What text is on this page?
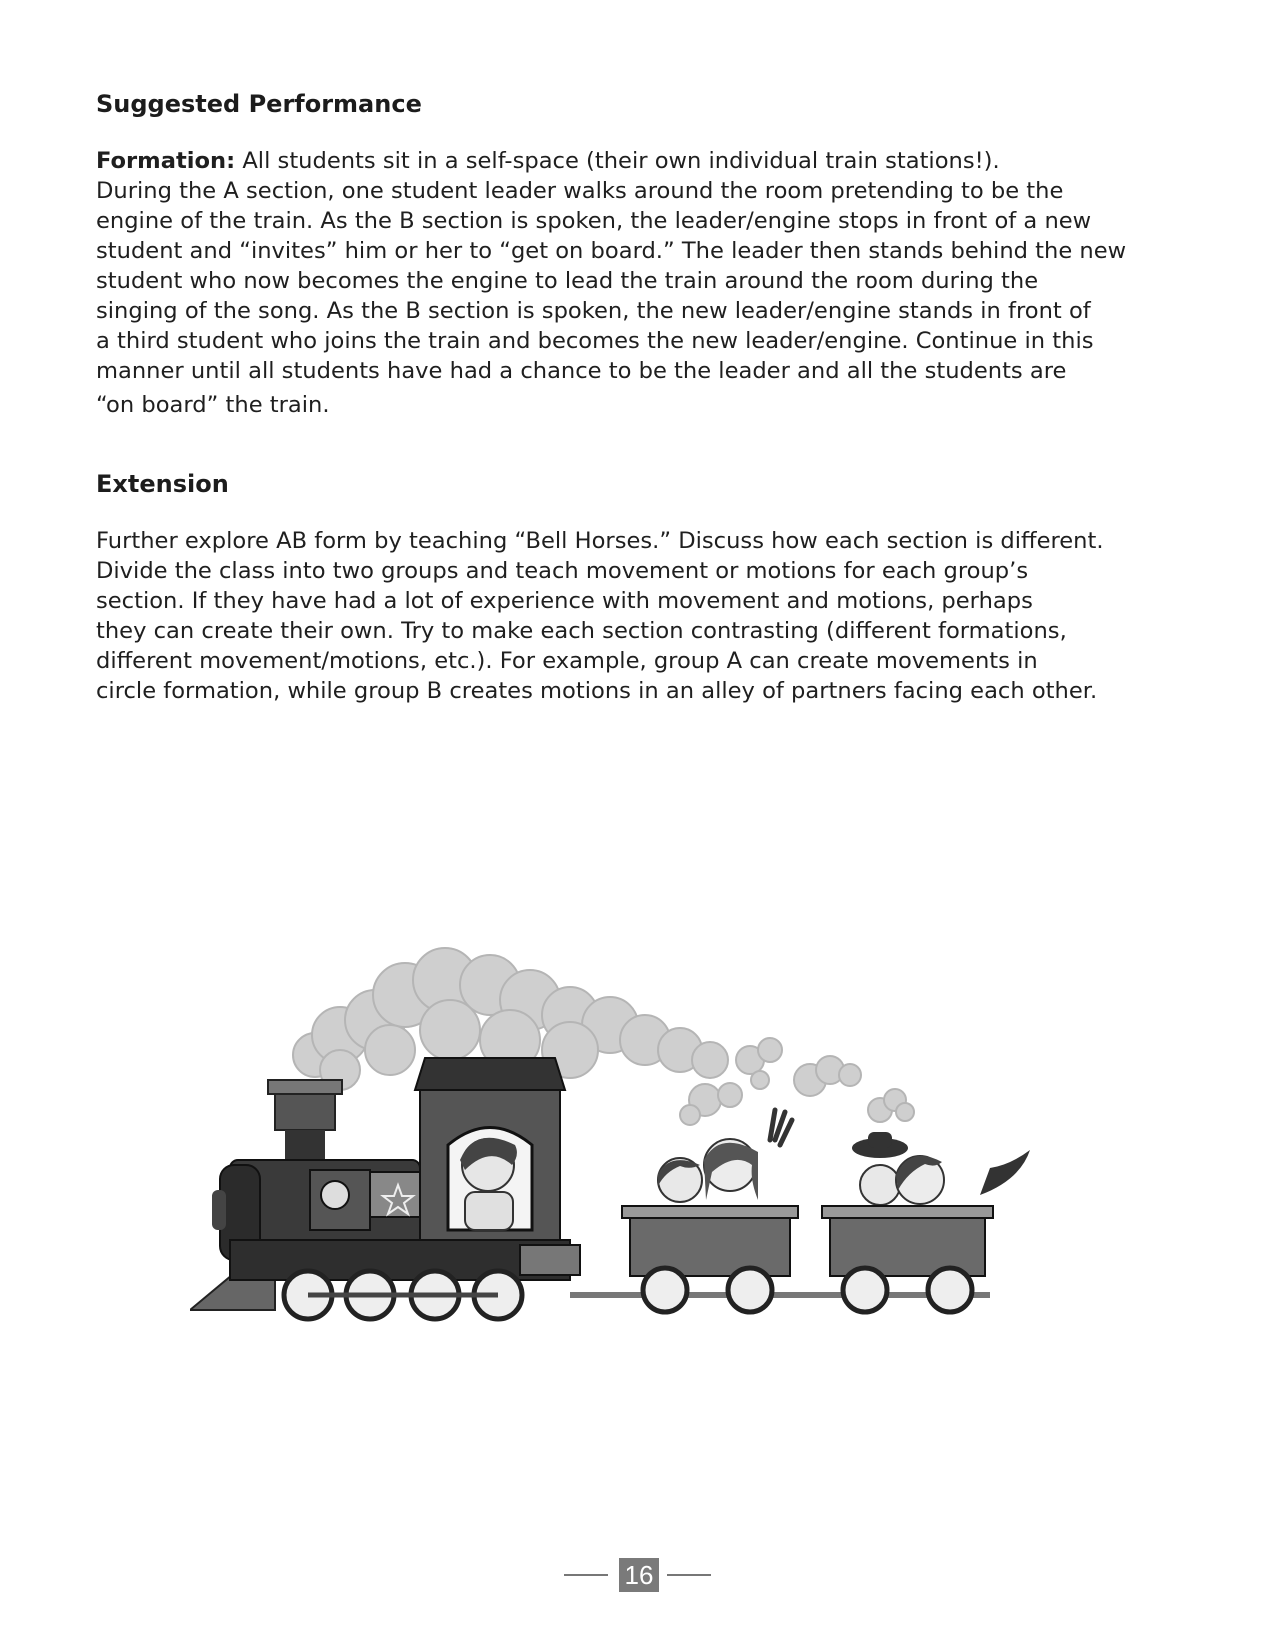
Suggested Performance
Formation: All students sit in a self-space (their own individual train stations!).
During the A section, one student leader walks around the room pretending to be the
engine of the train. As the B section is spoken, the leader/engine stops in front of a new
student and “invites” him or her to “get on board.” The leader then stands behind the new
student who now becomes the engine to lead the train around the room during the
singing of the song. As the B section is spoken, the new leader/engine stands in front of
a third student who joins the train and becomes the new leader/engine. Continue in this
manner until all students have had a chance to be the leader and all the students are
“on board” the train.
Extension
Further explore AB form by teaching “Bell Horses.” Discuss how each section is different.
Divide the class into two groups and teach movement or motions for each group’s
section. If they have had a lot of experience with movement and motions, perhaps
they can create their own. Try to make each section contrasting (different formations,
different movement/motions, etc.). For example, group A can create movements in
circle formation, while group B creates motions in an alley of partners facing each other.
16
